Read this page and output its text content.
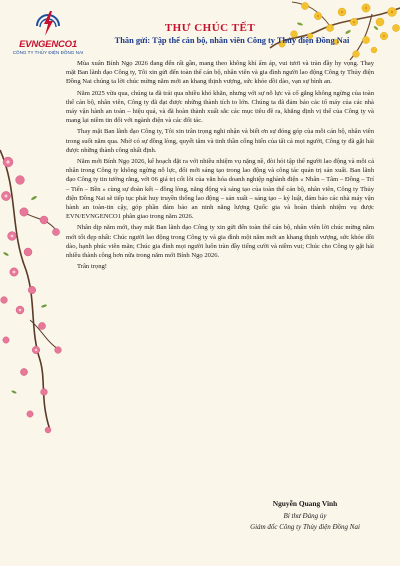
EVNGENCO1
CÔNG TY THỦY ĐIỆN ĐỒNG NAI
THƯ CHÚC TẾT
Thân gửi: Tập thể cán bộ, nhân viên Công ty Thủy điện Đồng Nai

Mùa xuân Bính Ngọ 2026 đang đến rất gần, mang theo không khí ấm áp, vui tươi và tràn đầy hy vọng. Thay mặt Ban lãnh đạo Công ty, Tôi xin gửi đến toàn thể cán bộ, nhân viên và gia đình người lao động Công ty Thủy điện Đồng Nai chúng ta lời chúc mừng năm mới an khang thịnh vượng, sức khỏe dồi dào, vạn sự bình an.

Năm 2025 vừa qua, chúng ta đã trải qua nhiều khó khăn, nhưng với sự nỗ lực và cố gắng không ngừng của toàn thể cán bộ, nhân viên, Công ty đã đạt được những thành tích to lớn. Chúng ta đã đảm bảo các tổ máy của các nhà máy vận hành an toàn – hiệu quả, và đã hoàn thành xuất sắc các mục tiêu đề ra, khẳng định vị thế của Công ty và mang lại niềm tin đối với ngành điện và các đối tác.

Thay mặt Ban lãnh đạo Công ty, Tôi xin trân trọng nghi nhận và biết ơn sự đóng góp của mỗi cán bộ, nhân viên trong suốt năm qua. Nhờ có sự đồng lòng, quyết tâm và tinh thần cống hiến của tất cả mọi người, Công ty đã gặt hái được những thành công nhất định.

Năm mới Bính Ngọ 2026, kế hoạch đặt ra với nhiều nhiệm vụ nặng nề, đòi hỏi tập thể người lao động và mỗi cá nhân trong Công ty không ngừng nỗ lực, đổi mới sáng tạo trong lao động và công tác quản trị sản xuất. Ban lãnh đạo Công ty tin tưởng rằng, với 06 giá trị cốt lõi của văn hóa doanh nghiệp nghành điện « Nhân – Tâm – Đồng – Trí – Tiến – Bền » cùng sự đoàn kết – đồng lòng, năng động và sáng tạo của toàn thể cán bộ, nhân viên, Công ty Thủy điện Đồng Nai sẽ tiếp tục phát huy truyền thống lao động – sản xuất – sáng tạo – kỷ luật, đảm bảo các nhà máy vận hành an toàn-tin cậy, góp phần đảm bảo an ninh năng lượng Quốc gia và hoàn thành nhiệm vụ được EVN/EVNGENCO1 phân giao trong năm 2026.

Nhân dịp năm mới, thay mặt Ban lãnh đạo Công ty xin gửi đến toàn thể cán bộ, nhân viên lời chúc mừng năm mới tốt đẹp nhất: Chúc người lao động trong Công ty và gia đình một năm mới an khang thịnh vượng, sức khỏe dồi dào, hạnh phúc viên mãn; Chúc gia đình mọi người luôn tràn đầy tiếng cười và niềm vui; Chúc cho Công ty gặt hái nhiều thành công hơn nữa trong năm mới Bính Ngọ 2026.

Trân trọng!

Nguyễn Quang Vinh
Bí thư Đảng ủy
Giám đốc Công ty Thủy điện Đồng Nai
